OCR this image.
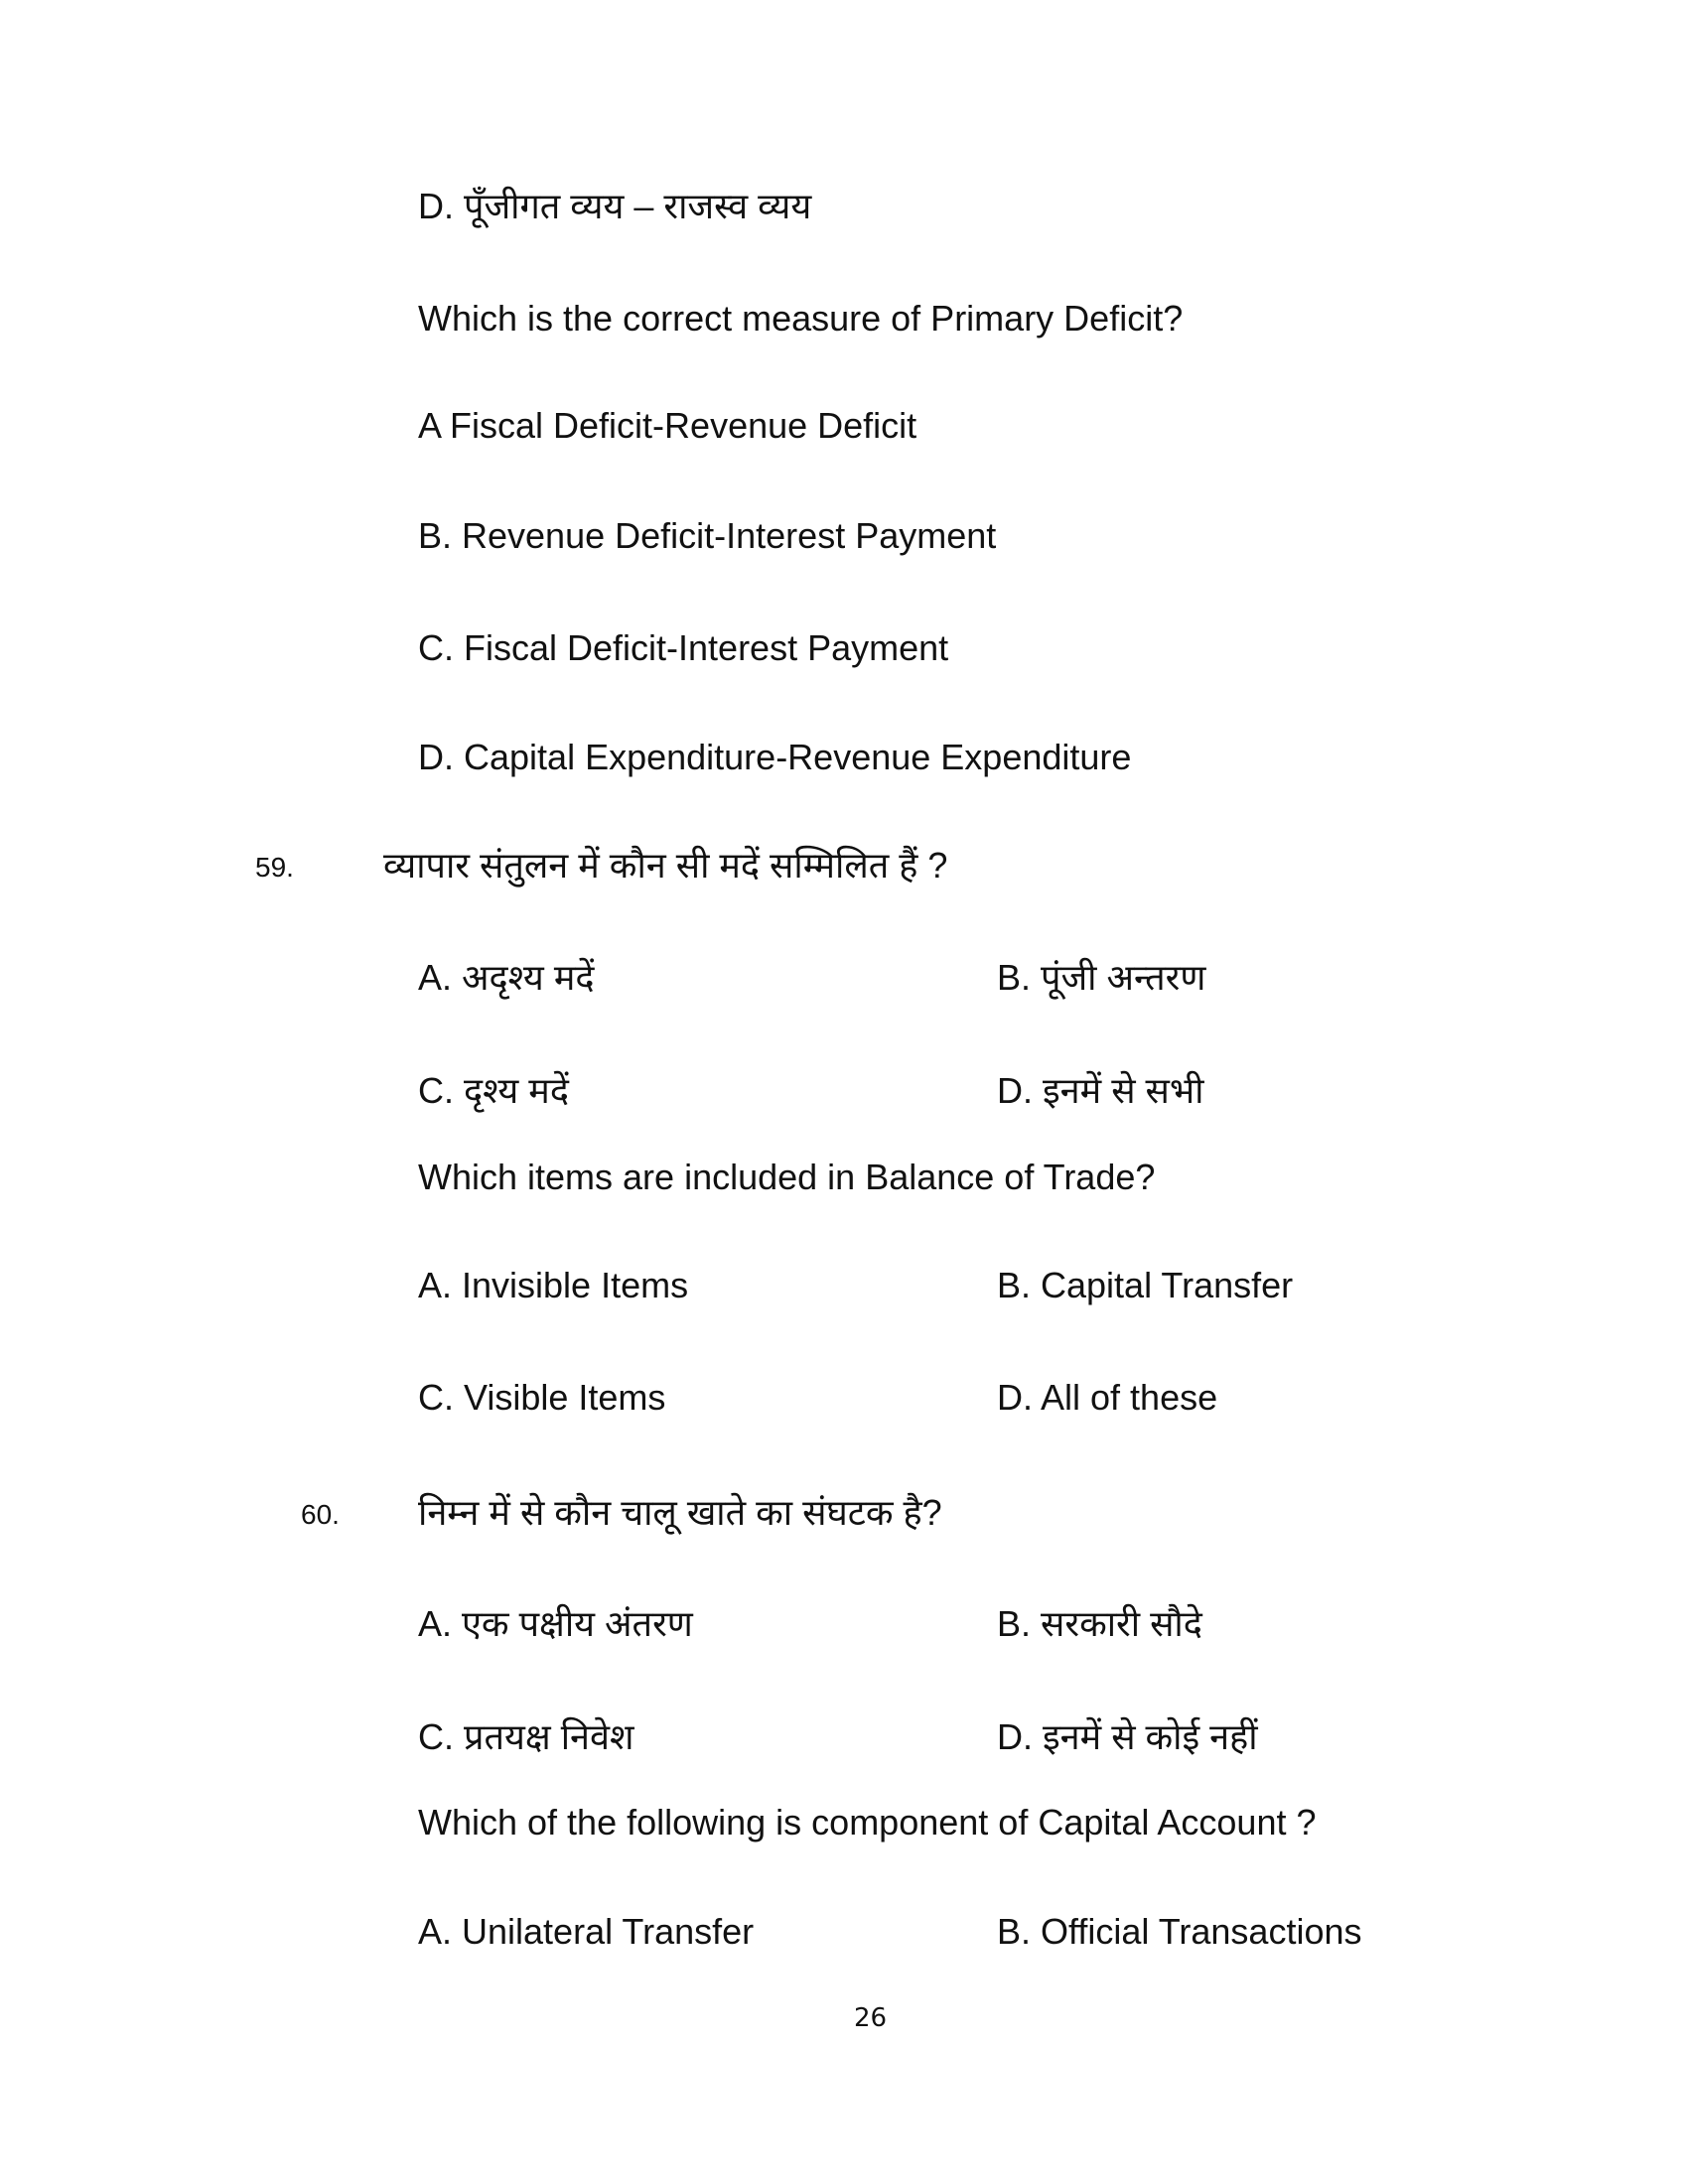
D. पूँजीगत व्यय – राजस्व व्यय
Which is the correct measure of Primary Deficit?
A Fiscal Deficit-Revenue Deficit
B. Revenue Deficit-Interest Payment
C. Fiscal Deficit-Interest Payment
D. Capital Expenditure-Revenue Expenditure
59.	व्यापार संतुलन में कौन सी मदें सम्मिलित हैं ?
A. अदृश्य मदें	B. पूंजी अन्तरण
C. दृश्य मदें	D. इनमें से सभी
Which items are included in Balance of Trade?
A. Invisible Items	B. Capital Transfer
C. Visible Items	D. All of these
60. निम्न में से कौन चालू खाते का संघटक है?
A. एक पक्षीय अंतरण	B. सरकारी सौदे
C. प्रतयक्ष निवेश	D. इनमें से कोई नहीं
Which of the following is component of Capital Account ?
A. Unilateral Transfer	B. Official Transactions
26
